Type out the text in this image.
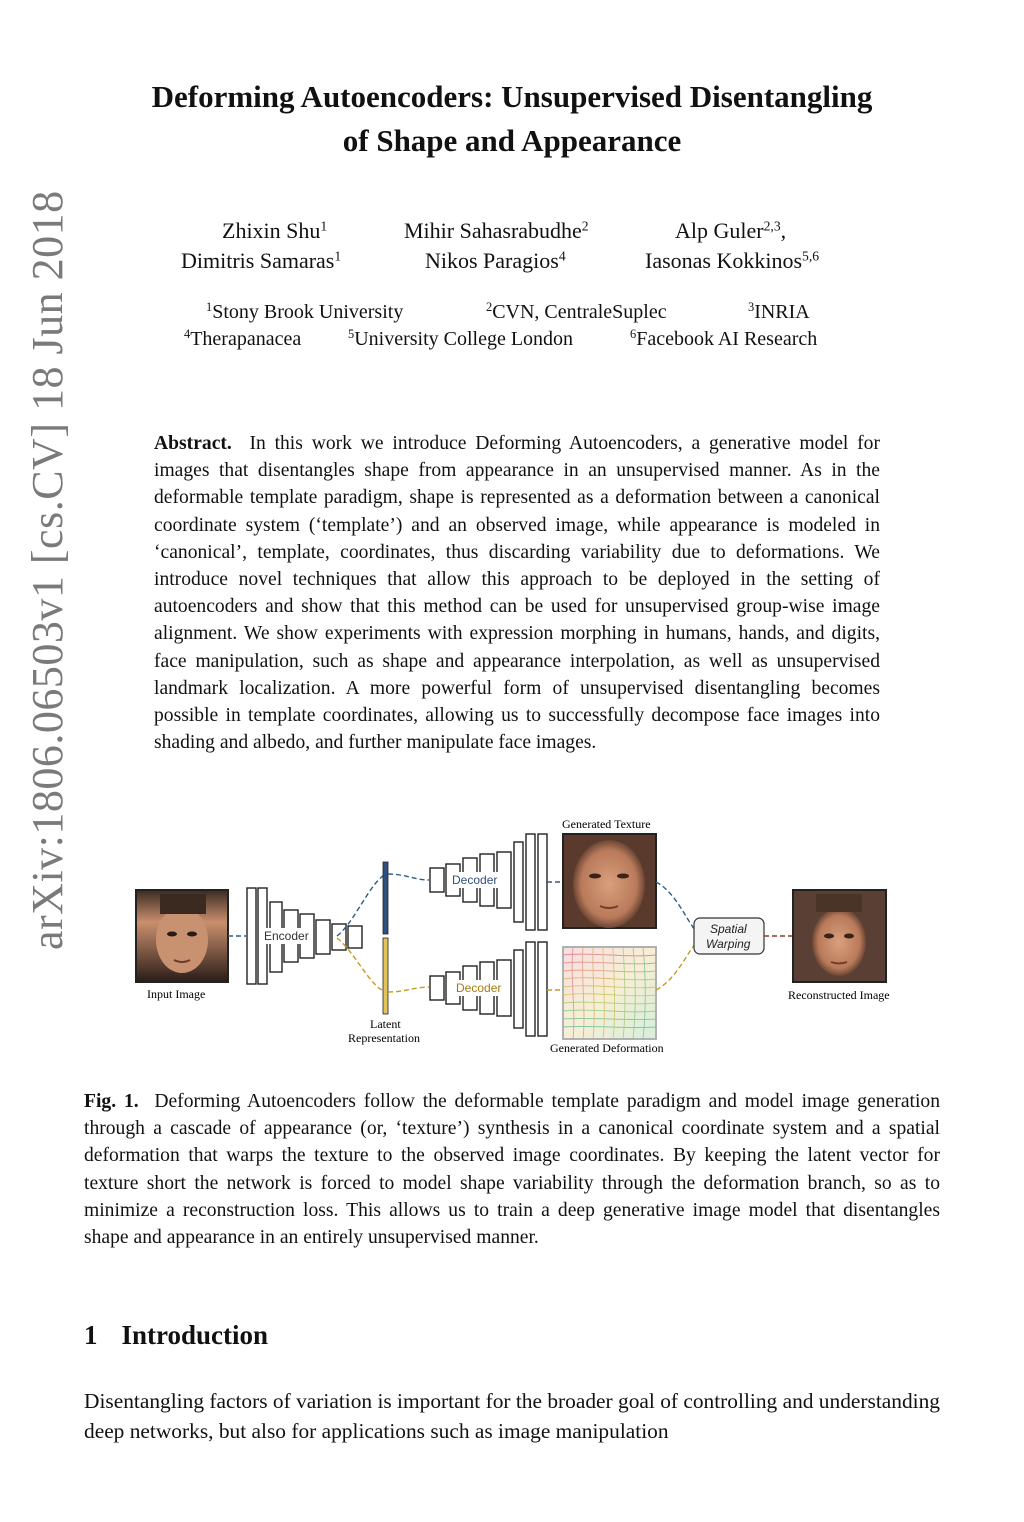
arXiv:1806.06503v1 [cs.CV] 18 Jun 2018
Deforming Autoencoders: Unsupervised Disentangling
of Shape and Appearance
Zhixin Shu$^1$	Mihir Sahasrabudhe$^2$	Alp Guler$^{2,3}$,
Dimitris Samaras$^1$	Nikos Paragios$^4$	Iasonas Kokkinos$^{5,6}$
$^1$Stony Brook University	$^2$CVN, CentraleSuplec	$^3$INRIA
$^4$Therapanacea	$^5$University College London	$^6$Facebook AI Research
Abstract. In this work we introduce Deforming Autoencoders, a generative model for images that disentangles shape from appearance in an unsupervised manner. As in the deformable template paradigm, shape is represented as a deformation between a canonical coordinate system (‘template’) and an observed image, while appearance is modeled in ‘canonical’, template, coordinates, thus discarding variability due to deformations. We introduce novel techniques that allow this approach to be deployed in the setting of autoencoders and show that this method can be used for unsupervised group-wise image alignment. We show experiments with expression morphing in humans, hands, and digits, face manipulation, such as shape and appearance interpolation, as well as unsupervised landmark localization. A more powerful form of unsupervised disentangling becomes possible in template coordinates, allowing us to successfully decompose face images into shading and albedo, and further manipulate face images.
Input Image
Encoder
Latent
Representation
Decoder
Decoder
Generated Texture
Generated Deformation
Spatial
Warping
Reconstructed Image
Fig. 1. Deforming Autoencoders follow the deformable template paradigm and model image generation through a cascade of appearance (or, ‘texture’) synthesis in a canonical coordinate system and a spatial deformation that warps the texture to the observed image coordinates. By keeping the latent vector for texture short the network is forced to model shape variability through the deformation branch, so as to minimize a reconstruction loss. This allows us to train a deep generative image model that disentangles shape and appearance in an entirely unsupervised manner.
1 Introduction
Disentangling factors of variation is important for the broader goal of controlling and understanding deep networks, but also for applications such as image manipulation
